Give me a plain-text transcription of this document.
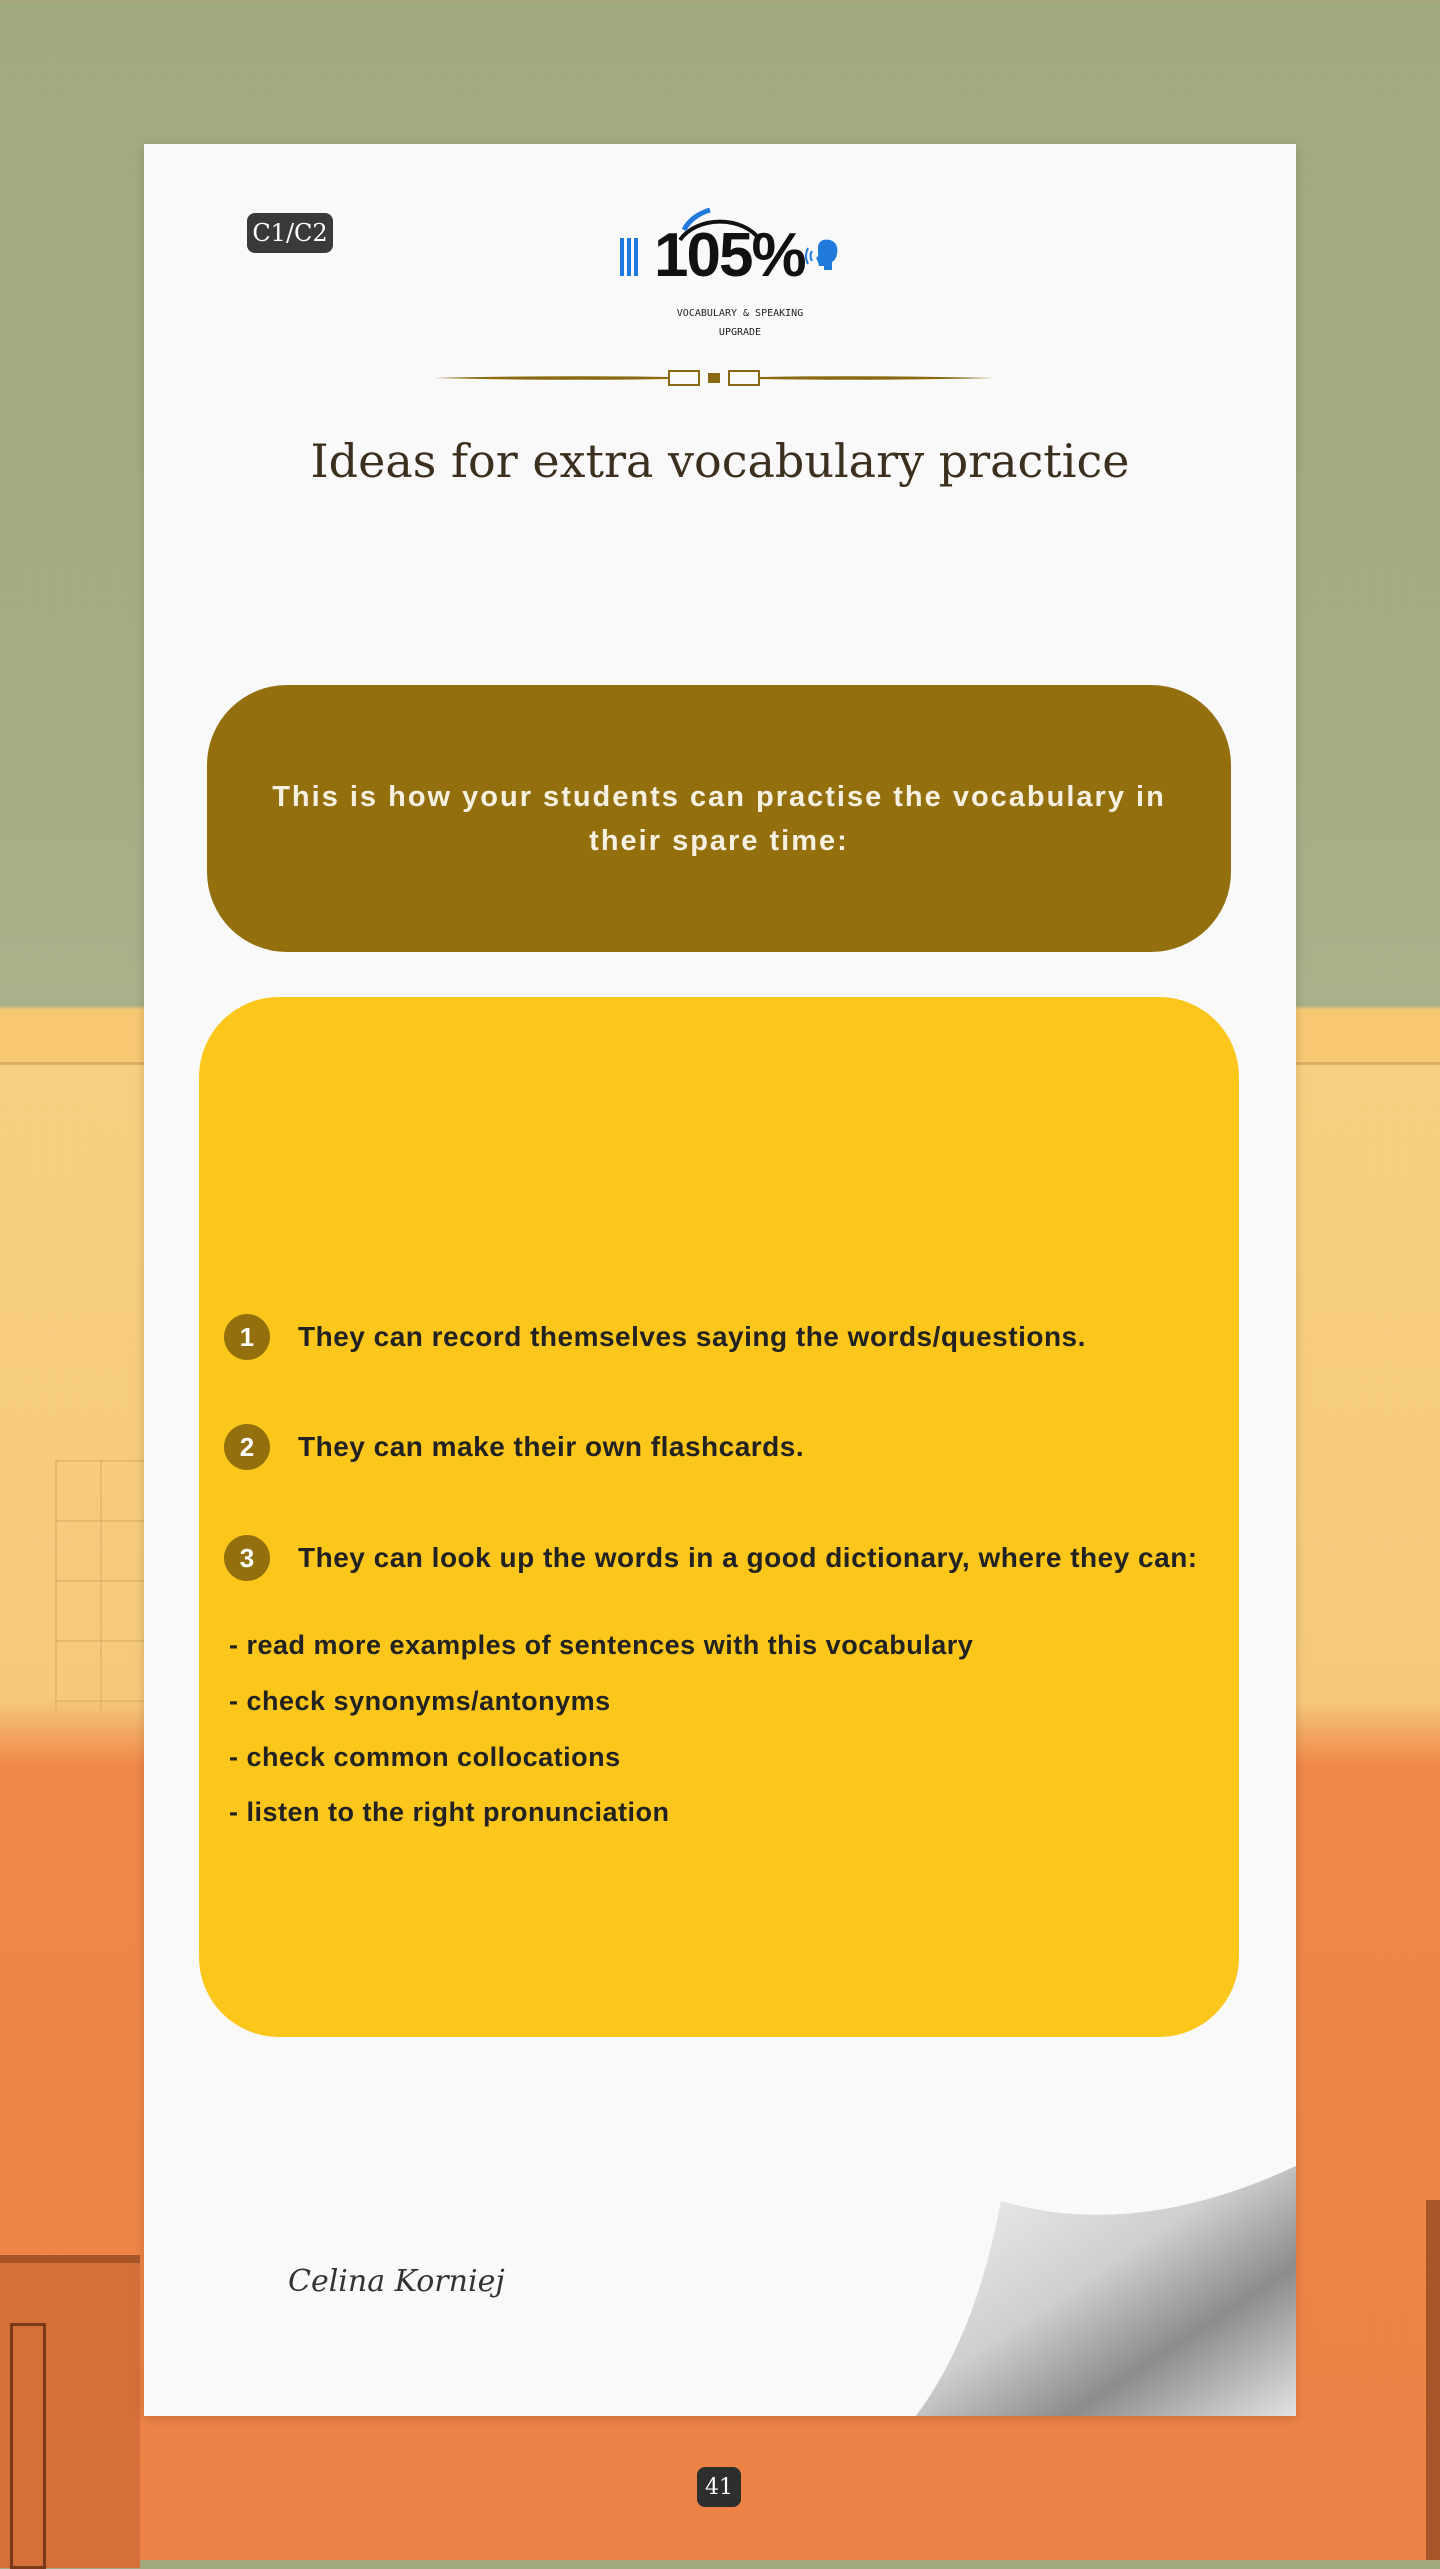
C1/C2	105%
VOCABULARY & SPEAKING
UPGRADE
Ideas for extra vocabulary practice
This is how your students can practise the vocabulary in their spare time:
1	They can record themselves saying the words/questions.
2	They can make their own flashcards.
3	They can look up the words in a good dictionary, where they can:
- read more examples of sentences with this vocabulary
- check synonyms/antonyms
- check common collocations
- listen to the right pronunciation
Celina Korniej
41
